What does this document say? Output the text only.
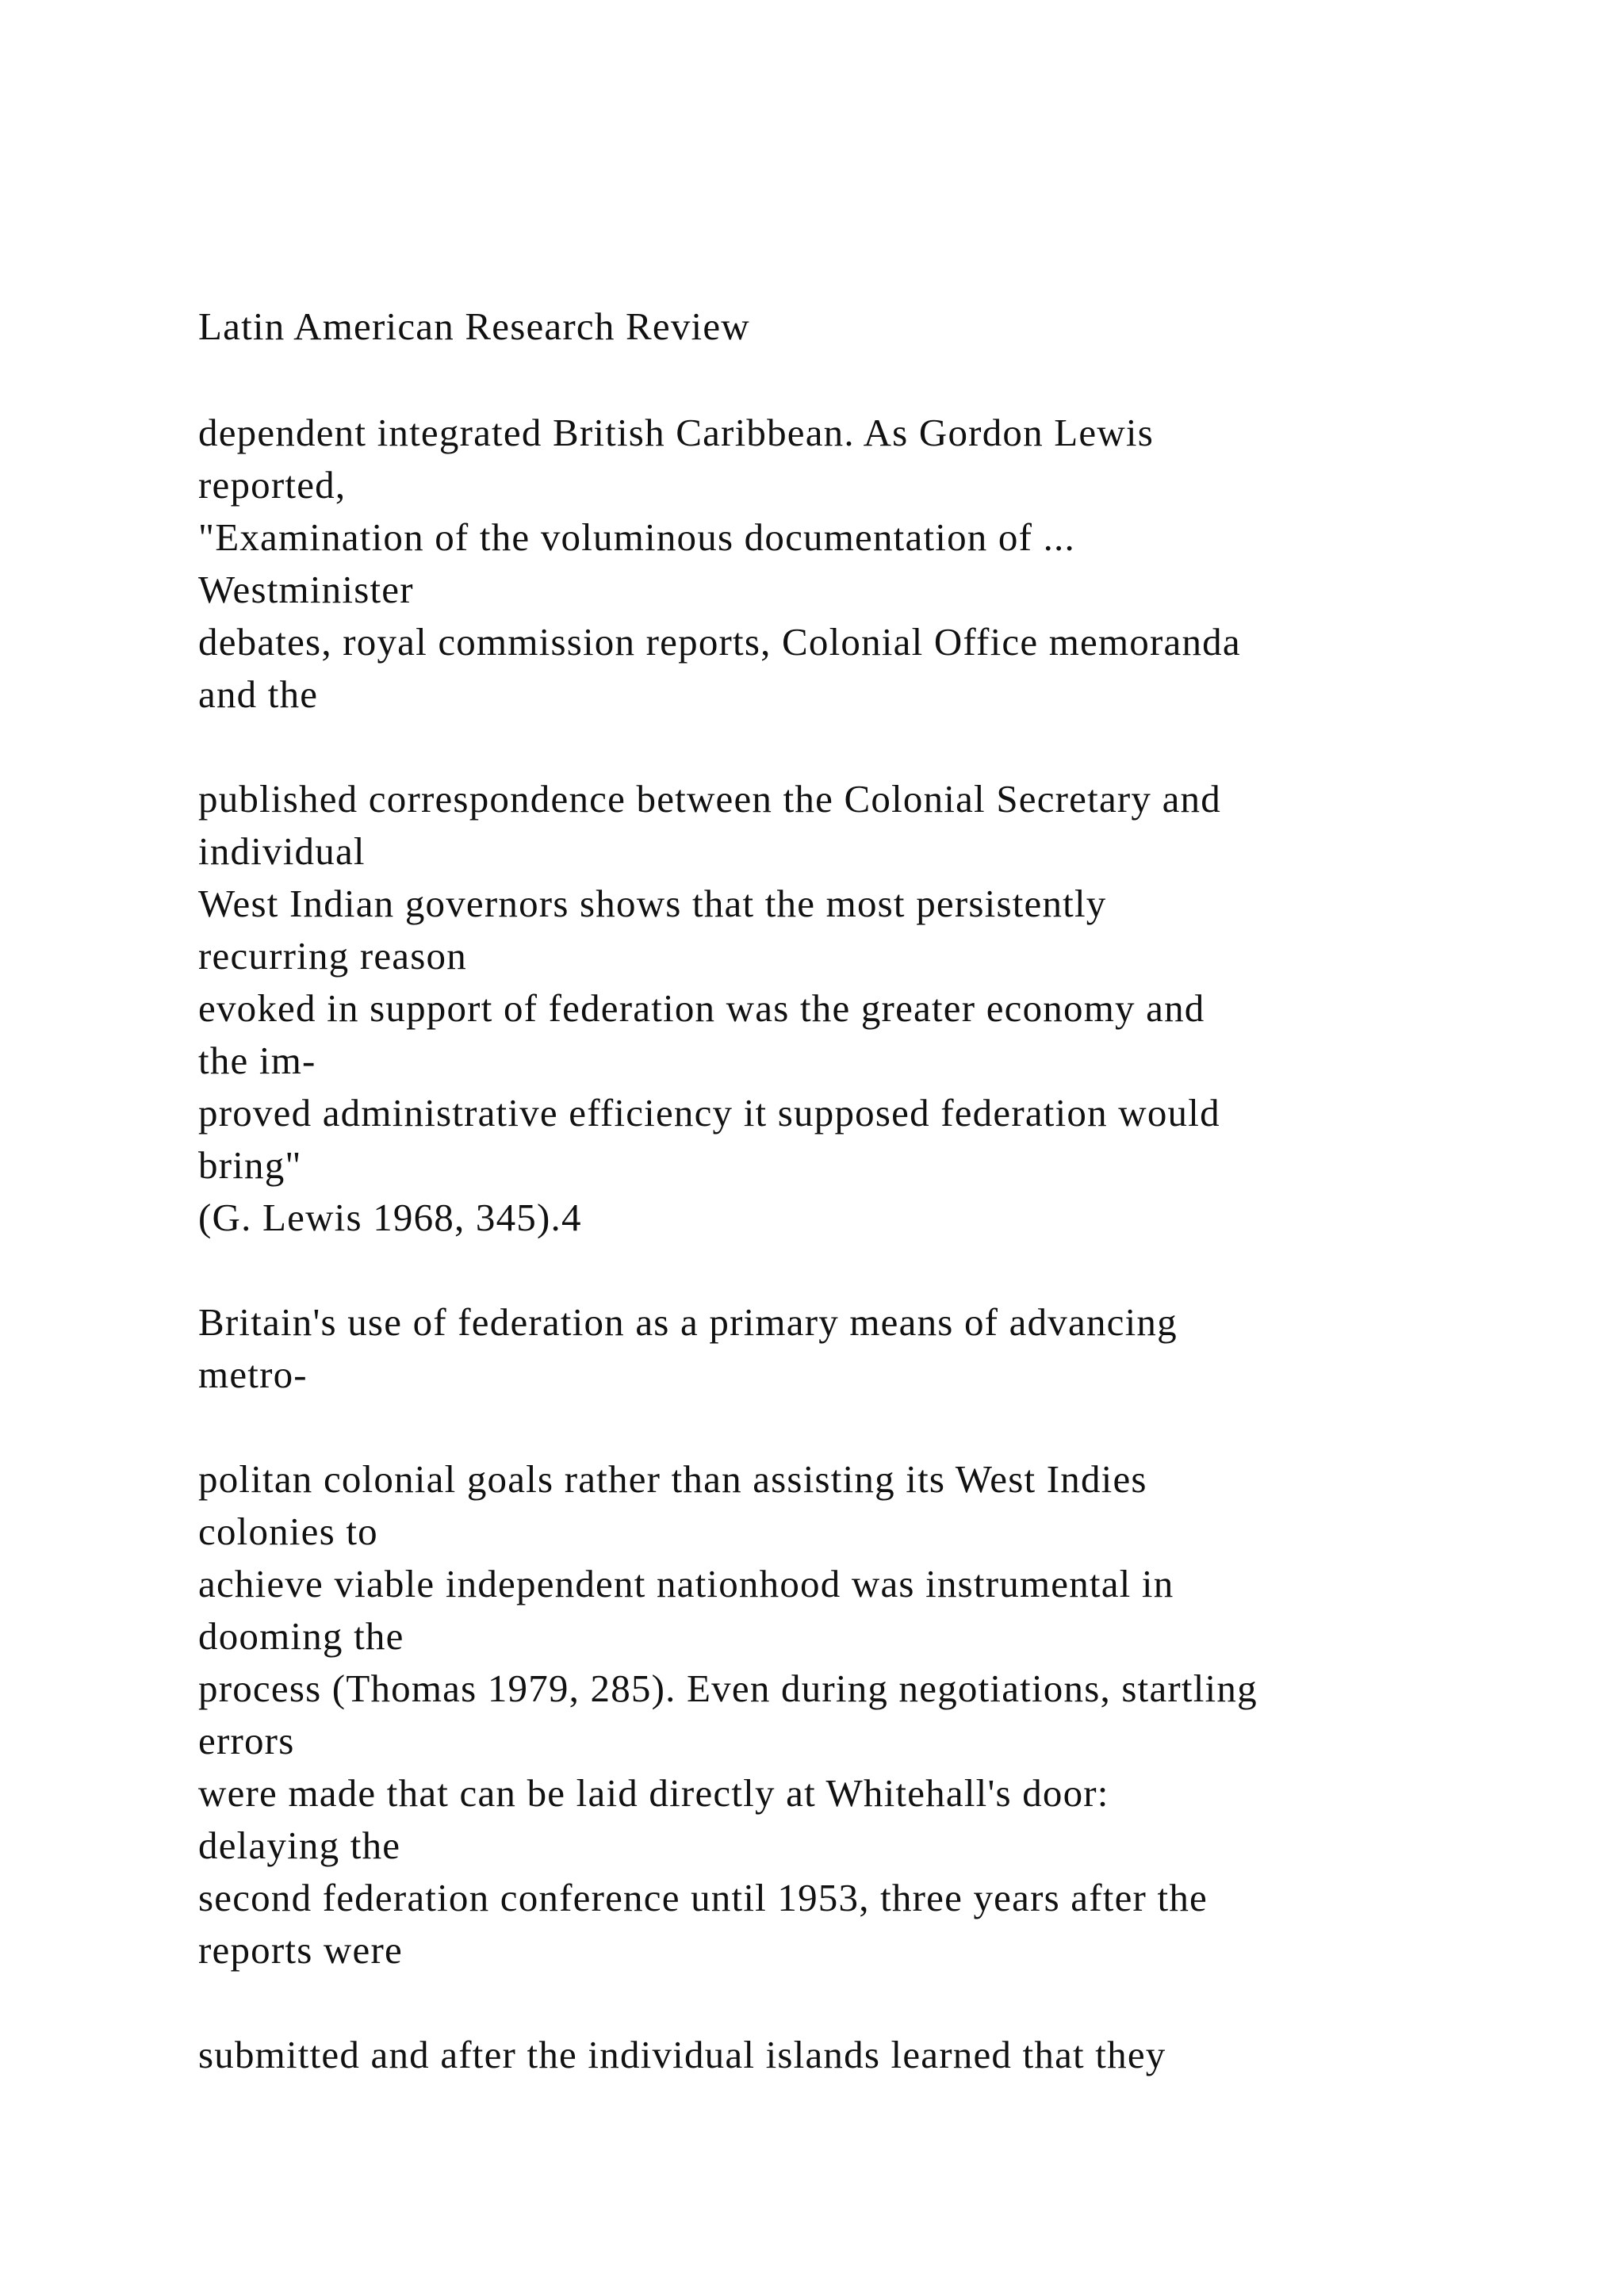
Latin American Research Review

dependent integrated British Caribbean. As Gordon Lewis

reported,

"Examination of the voluminous documentation of ...

Westminister

debates, royal commission reports, Colonial Office memoranda

and the

published correspondence between the Colonial Secretary and

individual

West Indian governors shows that the most persistently

recurring reason

evoked in support of federation was the greater economy and

the im-

proved administrative efficiency it supposed federation would

bring"

(G. Lewis 1968, 345).4

Britain's use of federation as a primary means of advancing

metro-

politan colonial goals rather than assisting its West Indies

colonies to

achieve viable independent nationhood was instrumental in

dooming the

process (Thomas 1979, 285). Even during negotiations, startling

errors

were made that can be laid directly at Whitehall's door:

delaying the

second federation conference until 1953, three years after the

reports were

submitted and after the individual islands learned that they
